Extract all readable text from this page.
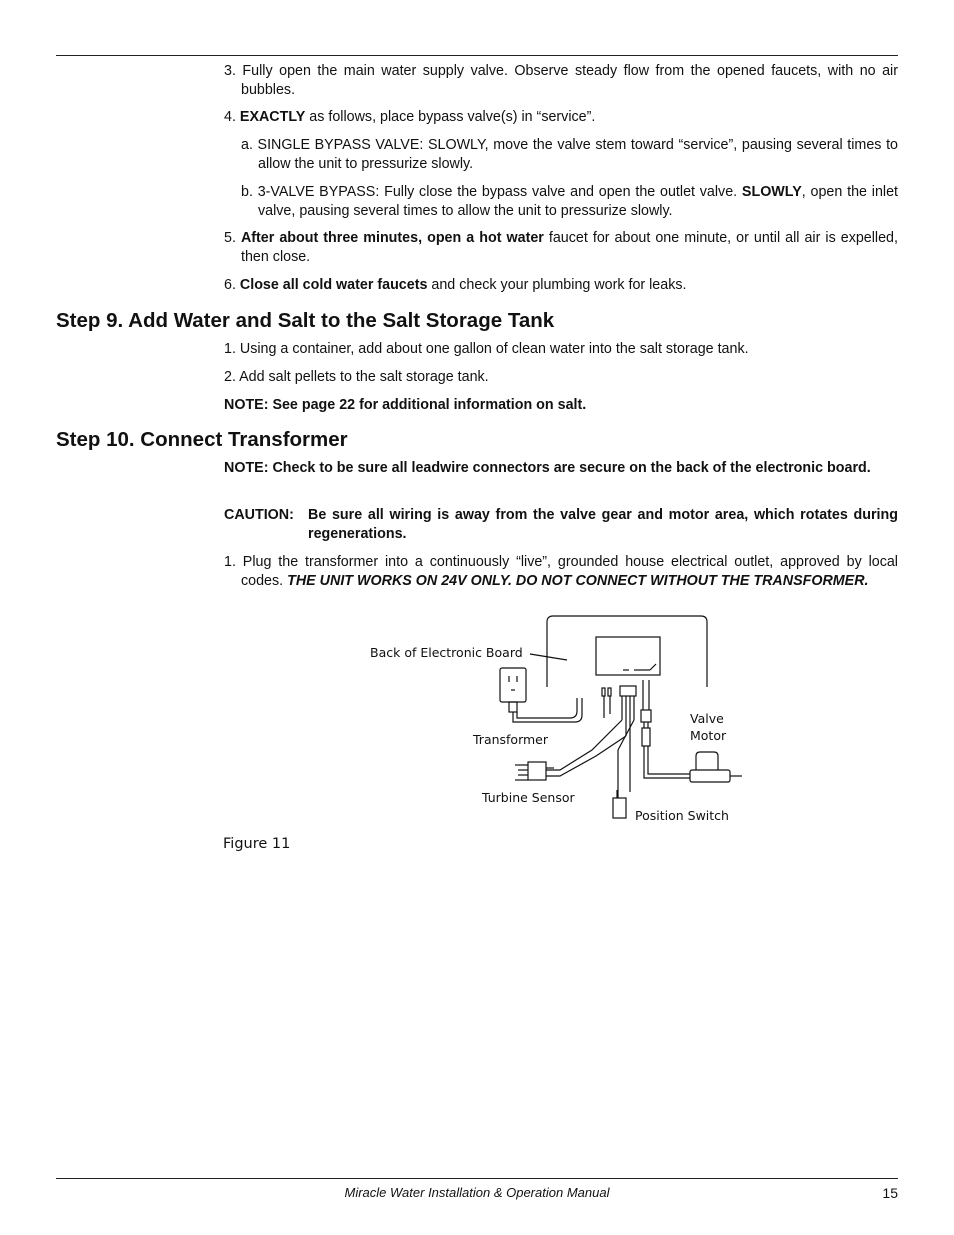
3. Fully open the main water supply valve. Observe steady flow from the opened faucets, with no air bubbles.

4. EXACTLY as follows, place bypass valve(s) in “service”.

a. SINGLE BYPASS VALVE: SLOWLY, move the valve stem toward “service”, pausing several times to allow the unit to pressurize slowly.

b. 3-VALVE BYPASS: Fully close the bypass valve and open the outlet valve. SLOWLY, open the inlet valve, pausing several times to allow the unit to pressurize slowly.

5. After about three minutes, open a hot water faucet for about one minute, or until all air is expelled, then close.

6. Close all cold water faucets and check your plumbing work for leaks.

Step 9. Add Water and Salt to the Salt Storage Tank

1. Using a container, add about one gallon of clean water into the salt storage tank.

2. Add salt pellets to the salt storage tank.

NOTE: See page 22 for additional information on salt.

Step 10. Connect Transformer

NOTE: Check to be sure all leadwire connectors are secure on the back of the electronic board.

CAUTION: Be sure all wiring is away from the valve gear and motor area, which rotates during regenerations.

1. Plug the transformer into a continuously “live”, grounded house electrical outlet, approved by local codes. THE UNIT WORKS ON 24V ONLY. DO NOT CONNECT WITHOUT THE TRANSFORMER.

Back of Electronic Board
Transformer
Valve
Motor
Turbine Sensor
Position Switch

Figure 11

Miracle Water Installation & Operation Manual	15
